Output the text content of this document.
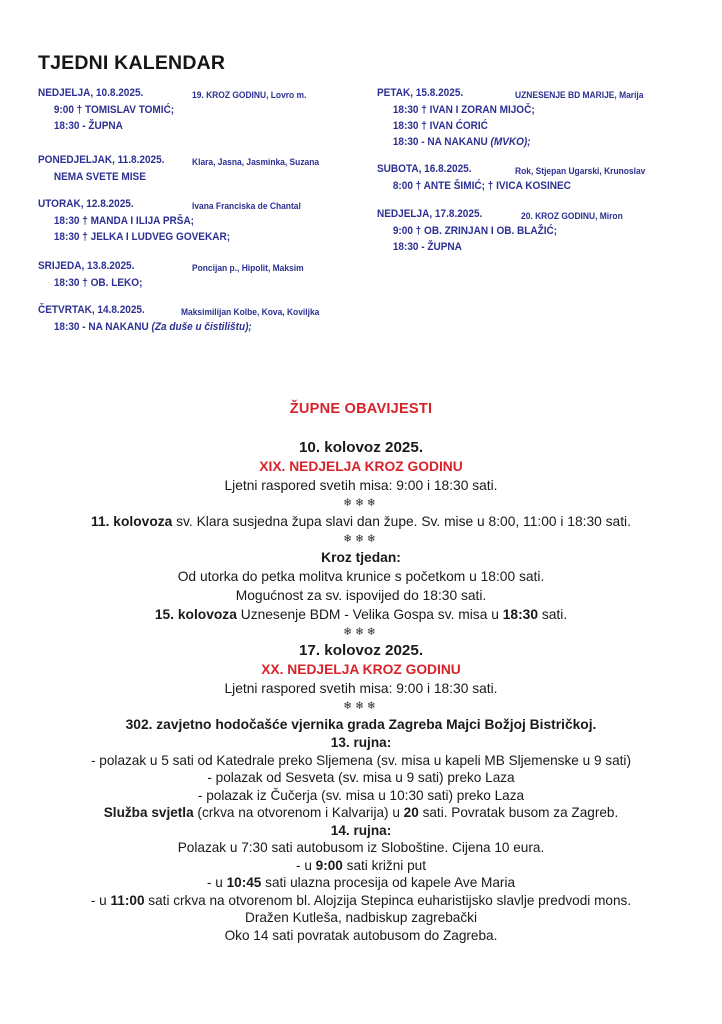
TJEDNI KALENDAR
NEDJELJA, 10.8.2025.	19. KROZ GODINU, Lovro m.
9:00 † TOMISLAV TOMIĆ;
18:30 - ŽUPNA
PONEDJELJAK, 11.8.2025.	Klara, Jasna, Jasminka, Suzana
NEMA SVETE MISE
UTORAK, 12.8.2025.	Ivana Franciska de Chantal
18:30 † MANDA I ILIJA PRŠA;
18:30 † JELKA I LUDVEG GOVEKAR;
SRIJEDA, 13.8.2025.	Poncijan p., Hipolit, Maksim
18:30 † OB. LEKO;
ČETVRTAK, 14.8.2025.	Maksimilijan Kolbe, Kova, Koviljka
18:30 - NA NAKANU (Za duše u čistilištu);
PETAK, 15.8.2025.	UZNESENJE BD MARIJE, Marija
18:30 † IVAN I ZORAN MIJOČ;
18:30 † IVAN ĆORIĆ
18:30 - NA NAKANU (MVKO);
SUBOTA, 16.8.2025.	Rok, Stjepan Ugarski, Krunoslav
8:00 † ANTE ŠIMIĆ; † IVICA KOSINEC
NEDJELJA, 17.8.2025.	20. KROZ GODINU, Miron
9:00 † OB. ZRINJAN I OB. BLAŽIĆ;
18:30 - ŽUPNA
ŽUPNE OBAVIJESTI
10. kolovoz 2025.
XIX. NEDJELJA KROZ GODINU
Ljetni raspored svetih misa: 9:00 i 18:30 sati.
❄❄❄
11. kolovoza sv. Klara susjedna župa slavi dan župe. Sv. mise u 8:00, 11:00 i 18:30 sati.
❄❄❄
Kroz tjedan:
Od utorka do petka molitva krunice s početkom u 18:00 sati.
Mogućnost za sv. ispovijed do 18:30 sati.
15. kolovoza Uznesenje BDM - Velika Gospa sv. misa u 18:30 sati.
❄❄❄
17. kolovoz 2025.
XX. NEDJELJA KROZ GODINU
Ljetni raspored svetih misa: 9:00 i 18:30 sati.
❄❄❄
302. zavjetno hodočašće vjernika grada Zagreba Majci Božjoj Bistričkoj.
13. rujna:
- polazak u 5 sati od Katedrale preko Sljemena (sv. misa u kapeli MB Sljemenske u 9 sati)
- polazak od Sesveta (sv. misa u 9 sati) preko Laza
- polazak iz Čučerja (sv. misa u 10:30 sati) preko Laza
Služba svjetla (crkva na otvorenom i Kalvarija) u 20 sati. Povratak busom za Zagreb.
14. rujna:
Polazak u 7:30 sati autobusom iz Sloboštine. Cijena 10 eura.
- u 9:00 sati križni put
- u 10:45 sati ulazna procesija od kapele Ave Maria
- u 11:00 sati crkva na otvorenom bl. Alojzija Stepinca euharistijsko slavlje predvodi mons.
Dražen Kutleša, nadbiskup zagrebački
Oko 14 sati povratak autobusom do Zagreba.
